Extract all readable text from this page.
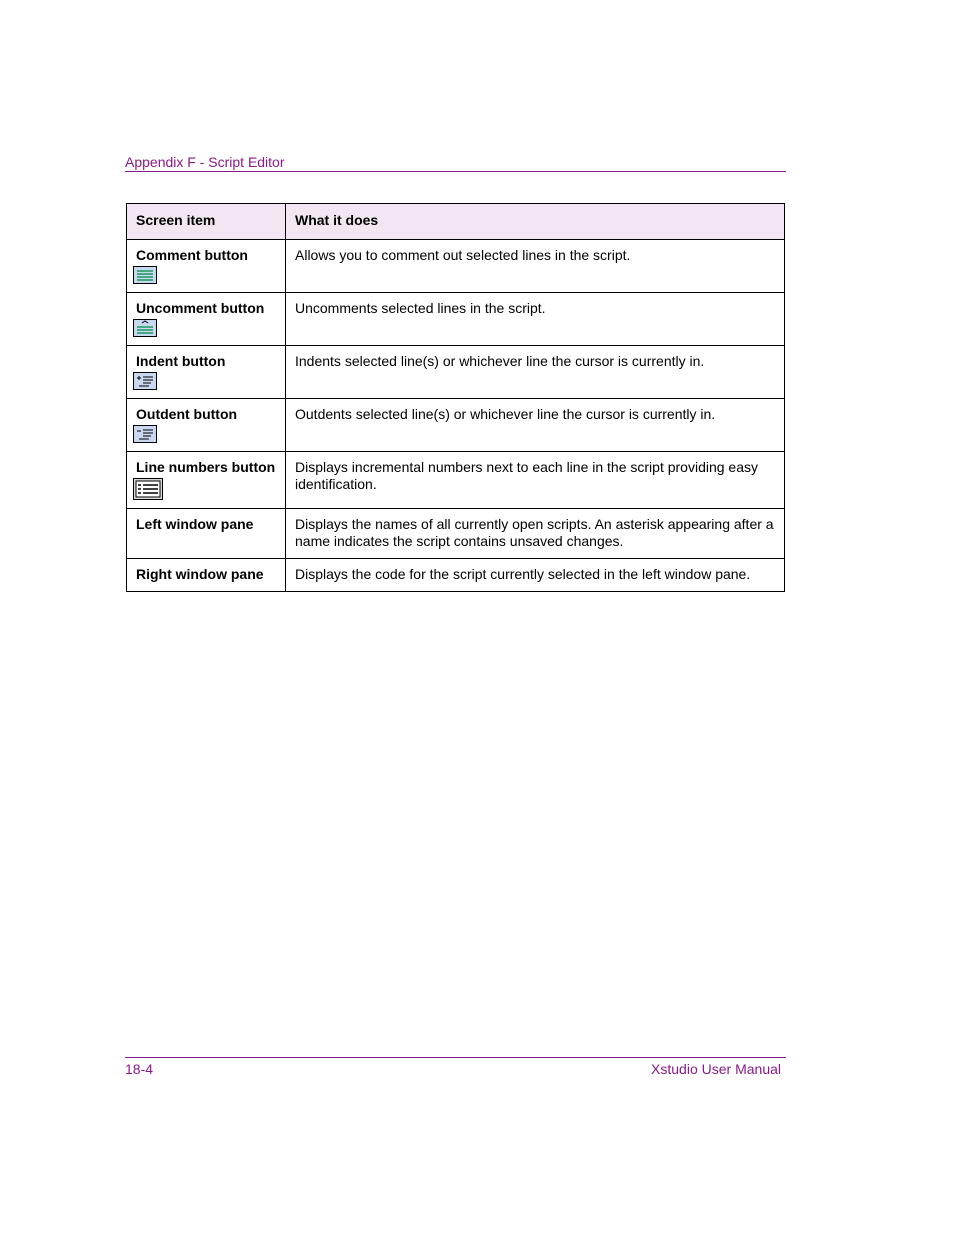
Appendix F - Script Editor
Screen item	What it does

Comment button	Allows you to comment out selected lines in the script.

Uncomment button	Uncomments selected lines in the script.

Indent button	Indents selected line(s) or whichever line the cursor is currently in.

Outdent button	Outdents selected line(s) or whichever line the cursor is currently in.

Line numbers button	Displays incremental numbers next to each line in the script providing easy identification.

Left window pane	Displays the names of all currently open scripts. An asterisk appearing after a name indicates the script contains unsaved changes.

Right window pane	Displays the code for the script currently selected in the left window pane.
18-4	Xstudio User Manual
